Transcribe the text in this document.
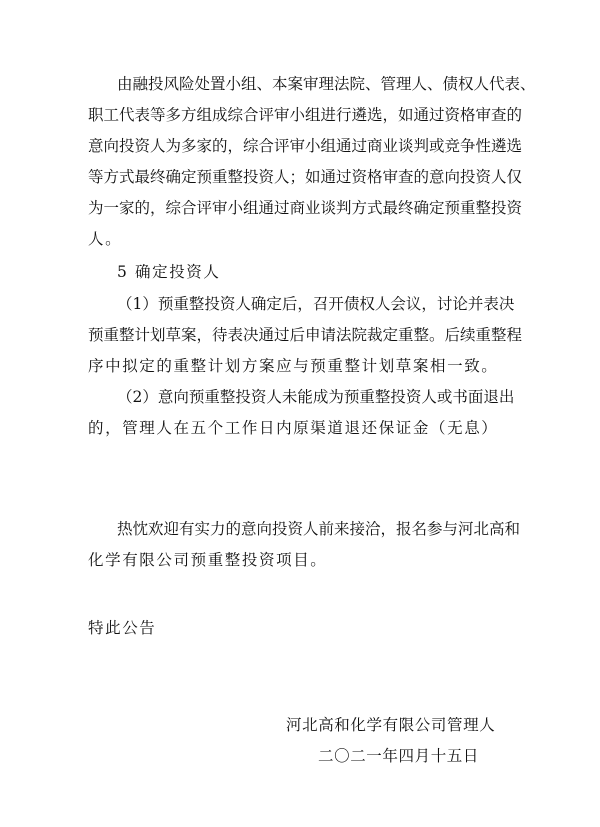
由融投风险处置小组、本案审理法院、管理人、债权人代表、
职工代表等多方组成综合评审小组进行遴选，如通过资格审查的
意向投资人为多家的，综合评审小组通过商业谈判或竞争性遴选
等方式最终确定预重整投资人；如通过资格审查的意向投资人仅
为一家的，综合评审小组通过商业谈判方式最终确定预重整投资
人。
5 确定投资人
（1）预重整投资人确定后，召开债权人会议，讨论并表决
预重整计划草案，待表决通过后申请法院裁定重整。后续重整程
序中拟定的重整计划方案应与预重整计划草案相一致。
（2）意向预重整投资人未能成为预重整投资人或书面退出
的，管理人在五个工作日内原渠道退还保证金（无息）
热忱欢迎有实力的意向投资人前来接洽，报名参与河北高和
化学有限公司预重整投资项目。
特此公告
河北高和化学有限公司管理人
二〇二一年四月十五日
